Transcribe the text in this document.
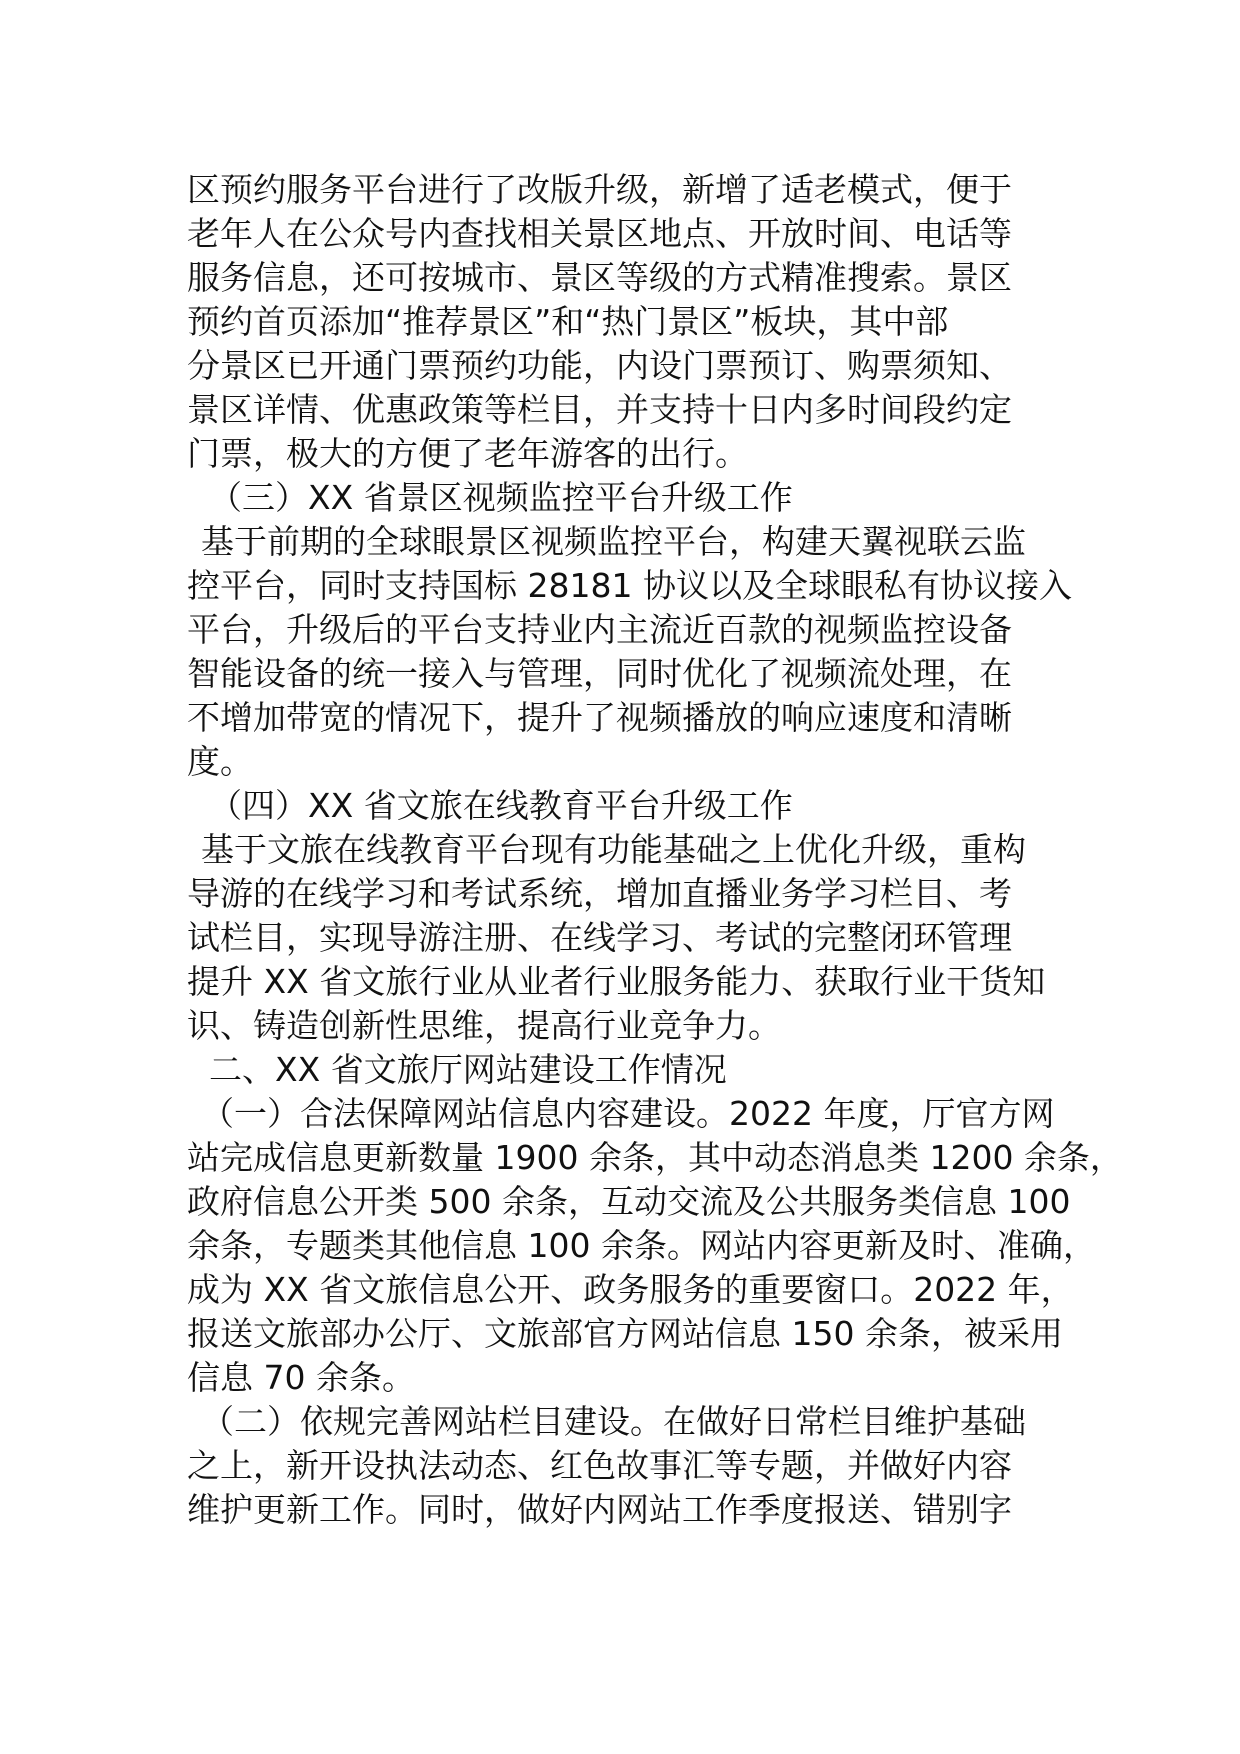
区预约服务平台进行了改版升级，新增了适老模式，便于
老年人在公众号内查找相关景区地点、开放时间、电话等
服务信息，还可按城市、景区等级的方式精准搜索。景区
预约首页添加“推荐景区”和“热门景区”板块，其中部
分景区已开通门票预约功能，内设门票预订、购票须知、
景区详情、优惠政策等栏目，并支持十日内多时间段约定
门票，极大的方便了老年游客的出行。
（三）XX 省景区视频监控平台升级工作
基于前期的全球眼景区视频监控平台，构建天翼视联云监
控平台，同时支持国标 28181 协议以及全球眼私有协议接入
平台，升级后的平台支持业内主流近百款的视频监控设备
智能设备的统一接入与管理，同时优化了视频流处理，在
不增加带宽的情况下，提升了视频播放的响应速度和清晰
度。
（四）XX 省文旅在线教育平台升级工作
基于文旅在线教育平台现有功能基础之上优化升级，重构
导游的在线学习和考试系统，增加直播业务学习栏目、考
试栏目，实现导游注册、在线学习、考试的完整闭环管理
提升 XX 省文旅行业从业者行业服务能力、获取行业干货知
识、铸造创新性思维，提高行业竞争力。
二、XX 省文旅厅网站建设工作情况
（一）合法保障网站信息内容建设。2022 年度，厅官方网
站完成信息更新数量 1900 余条，其中动态消息类 1200 余条，
政府信息公开类 500 余条，互动交流及公共服务类信息 100
余条，专题类其他信息 100 余条。网站内容更新及时、准确，
成为 XX 省文旅信息公开、政务服务的重要窗口。2022 年，
报送文旅部办公厅、文旅部官方网站信息 150 余条，被采用
信息 70 余条。
（二）依规完善网站栏目建设。在做好日常栏目维护基础
之上，新开设执法动态、红色故事汇等专题，并做好内容
维护更新工作。同时，做好内网站工作季度报送、错别字
